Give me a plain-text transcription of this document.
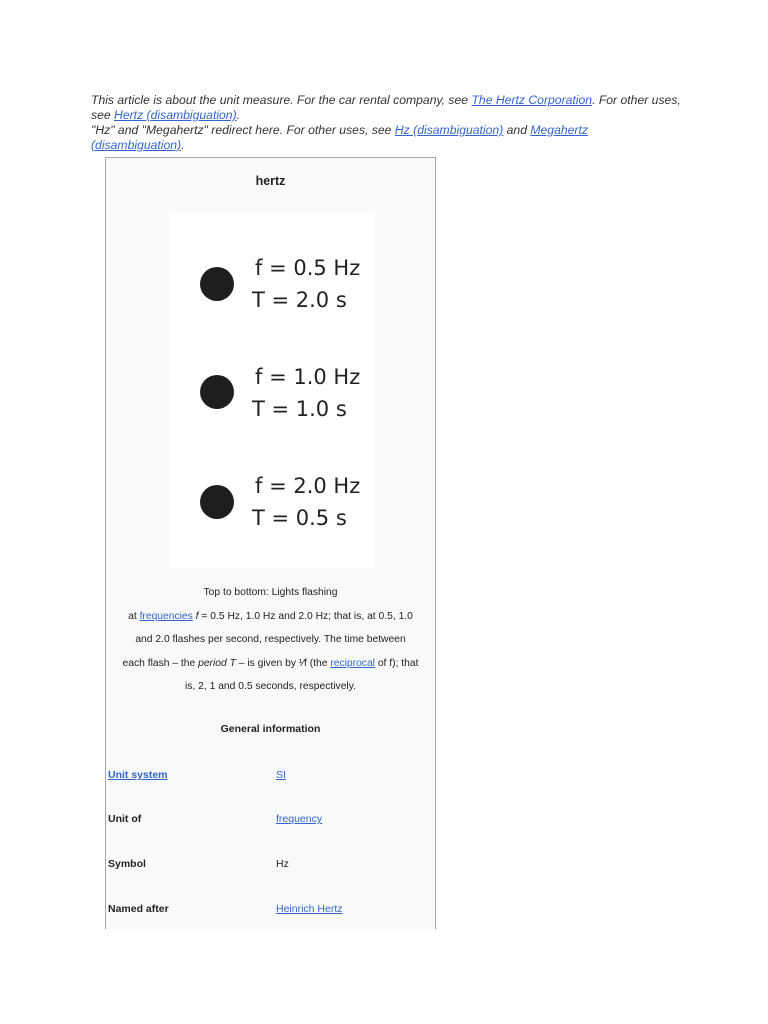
This article is about the unit measure. For the car rental company, see The Hertz Corporation. For other uses, see Hertz (disambiguation).

"Hz" and "Megahertz" redirect here. For other uses, see Hz (disambiguation) and Megahertz (disambiguation).

hertz
f = 0.5 Hz
T = 2.0 s
f = 1.0 Hz
T = 1.0 s
f = 2.0 Hz
T = 0.5 s
Top to bottom: Lights flashing
at frequencies f = 0.5 Hz, 1.0 Hz and 2.0 Hz; that is, at 0.5, 1.0
and 2.0 flashes per second, respectively. The time between
each flash – the period T – is given by ¹⁄f (the reciprocal of f); that
is, 2, 1 and 0.5 seconds, respectively.
General information
Unit system	SI
Unit of	frequency
Symbol	Hz
Named after	Heinrich Hertz
